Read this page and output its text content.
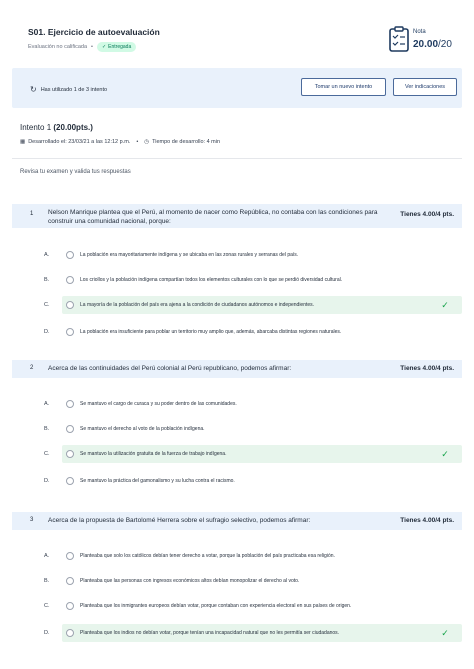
S01. Ejercicio de autoevaluación
Evaluación no calificada • ✓ Entregada
Nota
20.00/20
↻ Has utilizado 1 de 3 intento	Tomar un nuevo intento	Ver indicaciones
Intento 1 (20.00pts.)
▦ Desarrollado el: 23/03/21 a las 12:12 p.m. • ◷ Tiempo de desarrollo: 4 min
Revisa tu examen y valida tus respuestas
1 Nelson Manrique plantea que el Perú, al momento de nacer como República, no contaba con las condiciones para construir una comunidad nacional, porque:
Tienes 4.00/4 pts.
A.	La población era mayoritariamente indígena y se ubicaba en las zonas rurales y serranas del país.
B.	Los criollos y la población indígena compartían todos los elementos culturales con lo que se perdió diversidad cultural.
C.	La mayoría de la población del país era ajena a la condición de ciudadanos autónomos e independientes.	✓
D.	La población era insuficiente para poblar un territorio muy amplio que, además, abarcaba distintas regiones naturales.
2 Acerca de las continuidades del Perú colonial al Perú republicano, podemos afirmar:	Tienes 4.00/4 pts.
A.	Se mantuvo el cargo de curaca y su poder dentro de las comunidades.
B.	Se mantuvo el derecho al voto de la población indígena.
C.	Se mantuvo la utilización gratuita de la fuerza de trabajo indígena.	✓
D.	Se mantuvo la práctica del gamonalismo y su lucha contra el racismo.
3 Acerca de la propuesta de Bartolomé Herrera sobre el sufragio selectivo, podemos afirmar:	Tienes 4.00/4 pts.
A.	Planteaba que solo los católicos debían tener derecho a votar, porque la población del país practicaba esa religión.
B.	Planteaba que las personas con ingresos económicos altos debían monopolizar el derecho al voto.
C.	Planteaba que los inmigrantes europeos debían votar, porque contaban con experiencia electoral en sus países de origen.
D.	Planteaba que los indios no debían votar, porque tenían una incapacidad natural que no les permitía ser ciudadanos.	✓
